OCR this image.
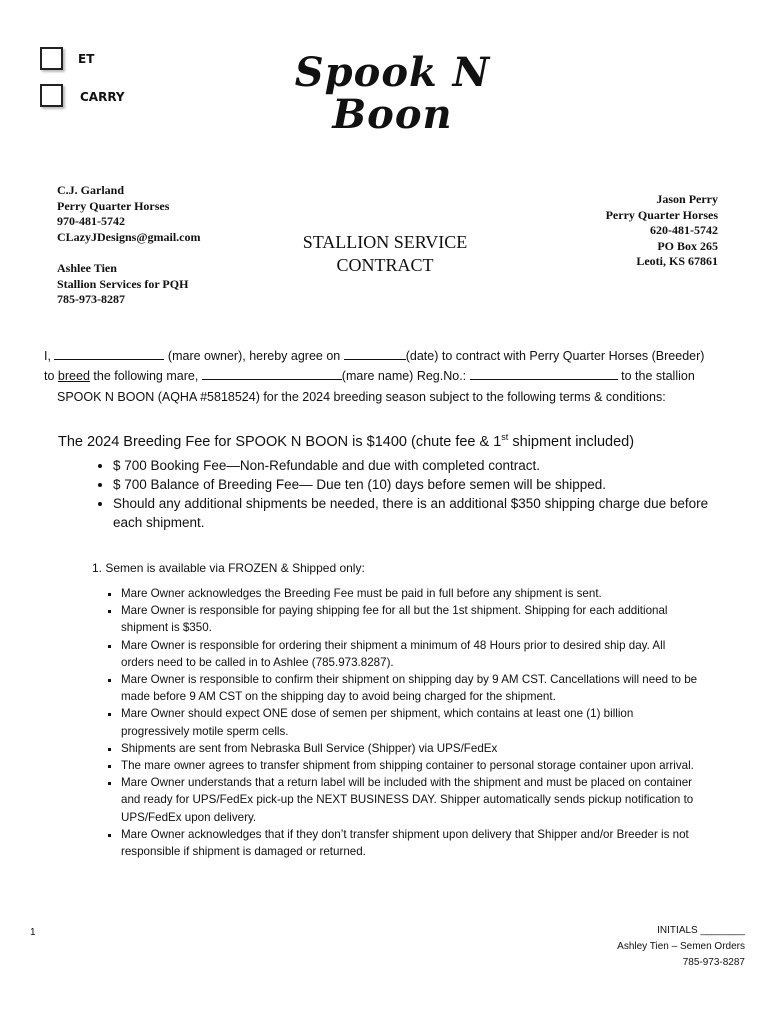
ET
CARRY
Spook N
Boon
C.J. Garland
Perry Quarter Horses
970-481-5742
CLazyJDesigns@gmail.com
Ashlee Tien
Stallion Services for PQH
785-973-8287
STALLION SERVICE
CONTRACT
Jason Perry
Perry Quarter Horses
620-481-5742
PO Box 265
Leoti, KS 67861
I,	(mare owner), hereby agree on	(date) to contract with Perry Quarter Horses (Breeder)
to breed the following mare,	(mare name) Reg.No.:	to the stallion
SPOOK N BOON (AQHA #5818524) for the 2024 breeding season subject to the following terms & conditions:
The 2024 Breeding Fee for SPOOK N BOON is $1400 (chute fee & 1st shipment included)
• $ 700 Booking Fee—Non-Refundable and due with completed contract.
• $ 700 Balance of Breeding Fee— Due ten (10) days before semen will be shipped.
• Should any additional shipments be needed, there is an additional $350 shipping charge due before each shipment.
1. Semen is available via FROZEN & Shipped only:
▪ Mare Owner acknowledges the Breeding Fee must be paid in full before any shipment is sent.
▪ Mare Owner is responsible for paying shipping fee for all but the 1st shipment. Shipping for each additional shipment is $350.
▪ Mare Owner is responsible for ordering their shipment a minimum of 48 Hours prior to desired ship day. All orders need to be called in to Ashlee (785.973.8287).
▪ Mare Owner is responsible to confirm their shipment on shipping day by 9 AM CST. Cancellations will need to be made before 9 AM CST on the shipping day to avoid being charged for the shipment.
▪ Mare Owner should expect ONE dose of semen per shipment, which contains at least one (1) billion progressively motile sperm cells.
▪ Shipments are sent from Nebraska Bull Service (Shipper) via UPS/FedEx
▪ The mare owner agrees to transfer shipment from shipping container to personal storage container upon arrival.
▪ Mare Owner understands that a return label will be included with the shipment and must be placed on container and ready for UPS/FedEx pick-up the NEXT BUSINESS DAY. Shipper automatically sends pickup notification to UPS/FedEx upon delivery.
▪ Mare Owner acknowledges that if they don’t transfer shipment upon delivery that Shipper and/or Breeder is not responsible if shipment is damaged or returned.
1	INITIALS ________
Ashley Tien – Semen Orders
785-973-8287
